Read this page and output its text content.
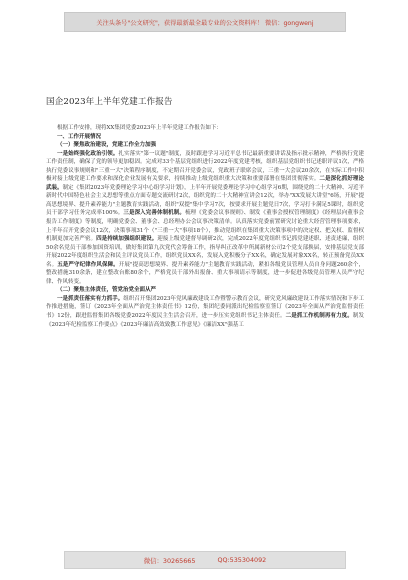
关注头条号"公文研究"，获得最新最全最专业的公文资料库！ 微信：gongwenj
国企2023年上半年党建工作报告

根据工作安排，现将XX集团党委2023年上半年党建工作报告如下：

一、工作开展情况

（一）聚焦政治建设，党建工作全力加强

一是始终强化政治引领。扎实落实"第一议题"制度，及时跟进学习习近平总书记最新重要讲话及指示批示精神，严格执行党建工作责任制，确保了党的领导更加稳固。完成对33个基层党组织进行2022年度党建考核，组织基层党组织书记述职评议1次，严格执行党委议事规则和"三重一大"决策程序制度，不定期召开党委会议，党政班子联席会议，三重一大会议20余次，在实际工作中积极对接上级党建工作要求和深化企业发展有关要求，持续推动上级党组织重大决策和重要部署在集团贯彻落实。二是深化抓好理论武装。制定《集团2023年党委理论学习中心组学习计划》，上半年开展党委理论学习中心组学习6期，围绕党的二十大精神、习近平新时代中国特色社会主义思想等重点方面专题交流研讨2次，组织党的二十大精神宣讲会12次，举办"XX发展大讲堂"6场，开展"提高思想境界、提升素养能力"主题教育实践活动，组织"双提"集中学习7次，按要求开展主题党日7次，学习打卡满足5课时，组织党员干部学习任务完成率100%。三是深入完善体制机制。梳理《党委会议事规则》、制发《董事会授权管理制度》《经理层向董事会报告工作制度》等制度，明确党委会、董事会、总经理办公会议事决策清单。认真落实党委前置研究讨论重大经营管理事项要求，上半年召开党委会议12次，决策事项31个（"三重一大"事项18个），推动党组织在集团重大决策事项中的决定权、把关权、监督权机制更加完善严密。四是持续加强组织建设。迎接上级党建督导调研2次，完成2022年度党组织书记抓党建述职、述责述廉，组织50余名党员干部参加国资培训，做好集团第九次党代会筹备工作，指导纠正改革中所属新材公司2个党支部换届，安排基层党支部开展2022年度组织生活会和民主评议党员工作，组织党员XX名，发展入党积极分子XX名，确定发展对象XX名，转正预备党员XX名。五是严守纪律作风保障。开展"提高思想境界、提升素养能力"主题教育实践活动，紧扣各级党员管理人员自身问题260余个，整改措施310余条，建立整改台账80余个，严格党员干部外出报备、重大事项请示等制度，进一步促进各级党员管理人员严守纪律、作风转变。

（二）聚焦主体责任，管党治党全面从严

一是抓责任落实有力抓手。组织召开集团2023年党风廉政建设工作暨警示教育会议，研究党风廉政建设工作落实情况和下步工作推进措施，签订《2023年全面从严治党主体责任书》12份，集团纪委同派出纪检监察室签订《2023年全面从严治党监督责任书》12份，跟进监督集团各级党委2022年度民主生活会召开，进一步压实党组织书记主体责任。二是抓工作机制再有力度。制发《2023年纪检监察工作要点》《2023年廉洁高效致教工作意见》《廉洁XX"强基工

微信：30265665	QQ:535304092
